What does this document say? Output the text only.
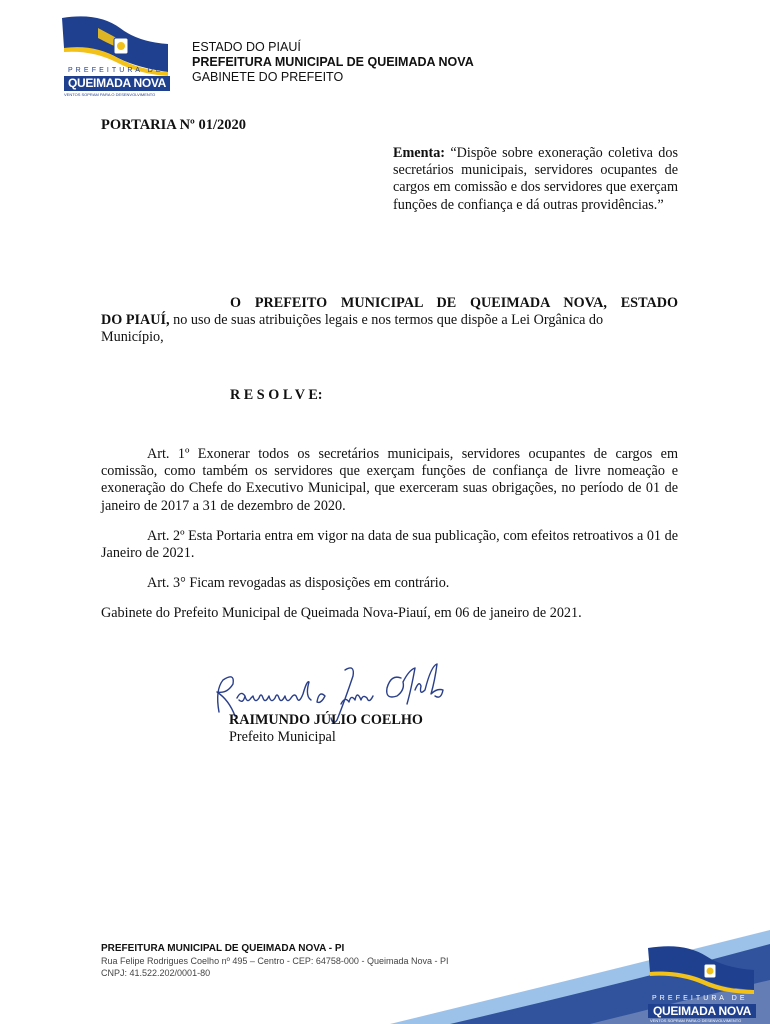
P R E F E I T U R A   D E
QUEIMADA NOVA
VENTOS SOPRAM PARA O DESENVOLVIMENTO
ESTADO DO PIAUÍ
PREFEITURA MUNICIPAL DE QUEIMADA NOVA
GABINETE DO PREFEITO
PORTARIA Nº 01/2020
Ementa: “Dispõe sobre exoneração coletiva dos secretários municipais, servidores ocupantes de cargos em comissão e dos servidores que exerçam funções de confiança e dá outras providências.”
O PREFEITO MUNICIPAL DE QUEIMADA NOVA, ESTADO
DO PIAUÍ, no uso de suas atribuições legais e nos termos que dispõe a Lei Orgânica do
Município,
R E S O L V E:
Art. 1º Exonerar todos os secretários municipais, servidores ocupantes de cargos em comissão, como também os servidores que exerçam funções de confiança de livre nomeação e exoneração do Chefe do Executivo Municipal, que exerceram suas obrigações, no período de 01 de janeiro de 2017 a 31 de dezembro de 2020.
Art. 2º Esta Portaria entra em vigor na data de sua publicação, com efeitos retroativos a 01 de Janeiro de 2021.
Art. 3° Ficam revogadas as disposições em contrário.
Gabinete do Prefeito Municipal de Queimada Nova-Piauí, em 06 de janeiro de 2021.
RAIMUNDO JÚLIO COELHO
Prefeito Municipal
PREFEITURA MUNICIPAL DE QUEIMADA NOVA - PI
Rua Felipe Rodrigues Coelho nº 495 – Centro - CEP: 64758-000 - Queimada Nova - PI
CNPJ: 41.522.202/0001-80
P R E F E I T U R A   D E
QUEIMADA NOVA
VENTOS SOPRAM PARA O DESENVOLVIMENTO
